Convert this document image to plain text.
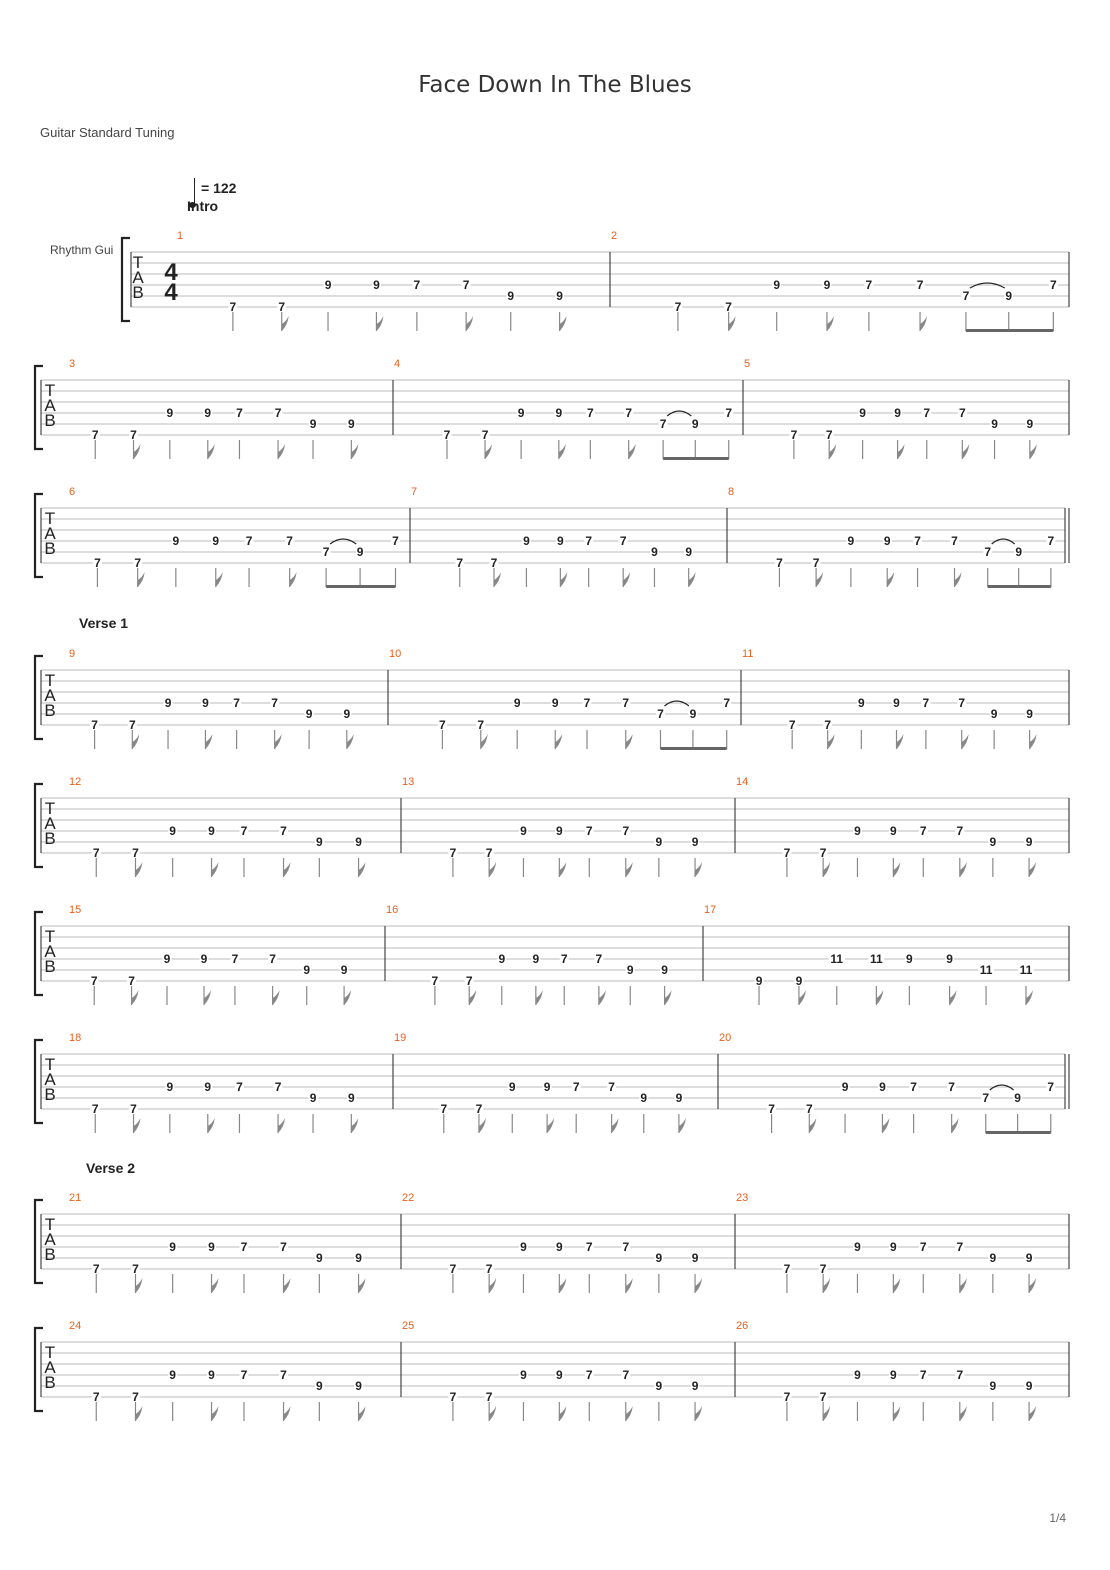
Face Down In The Blues
Guitar Standard Tuning
= 122
Intro
Verse 1
Verse 2
Rhythm Gui
1/4
T
A
B
4
4
1
7	7
9	9	7	7
9	9
2
7	7
9	9	7	7
7	9
7
T
A
B
3
7	7
9	9 7	7
9	9
4
7	7
9	9 7	7
7 9
7
5
7 7
9 9 7 7
9 9
T
A
B
6
7	7
9	9 7	7
7 9
7
7
7 7
9 9 7 7
9 9
8
7 7
9 9 7	7
7 9
7
T
A
B
9
7	7
9	9 7	7
9	9
10
7	7
9	9 7	7
7 9
7
11
7 7
9 9 7 7
9 9
T
A
B
12
7	7
9	9 7	7
9	9
13
7 7
9 9 7 7
9 9
14
7 7
9 9 7 7
9 9
T
A
B
15
7	7
9	9 7	7
9	9
16
7 7
9 9 7 7
9 9
17
9	9
11 11 9	9
11 11
T
A
B
18
7	7
9	9 7	7
9	9
19
7 7
9 9 7 7
9 9
20
7	7
9	9 7	7
7 9
7
T
A
B
21
7	7
9	9 7	7
9	9
22
7 7
9 9 7 7
9 9
23
7 7
9 9 7 7
9 9
T
A
B
24
7	7
9	9 7	7
9	9
25
7 7
9 9 7 7
9 9
26
7 7
9 9 7 7
9 9
